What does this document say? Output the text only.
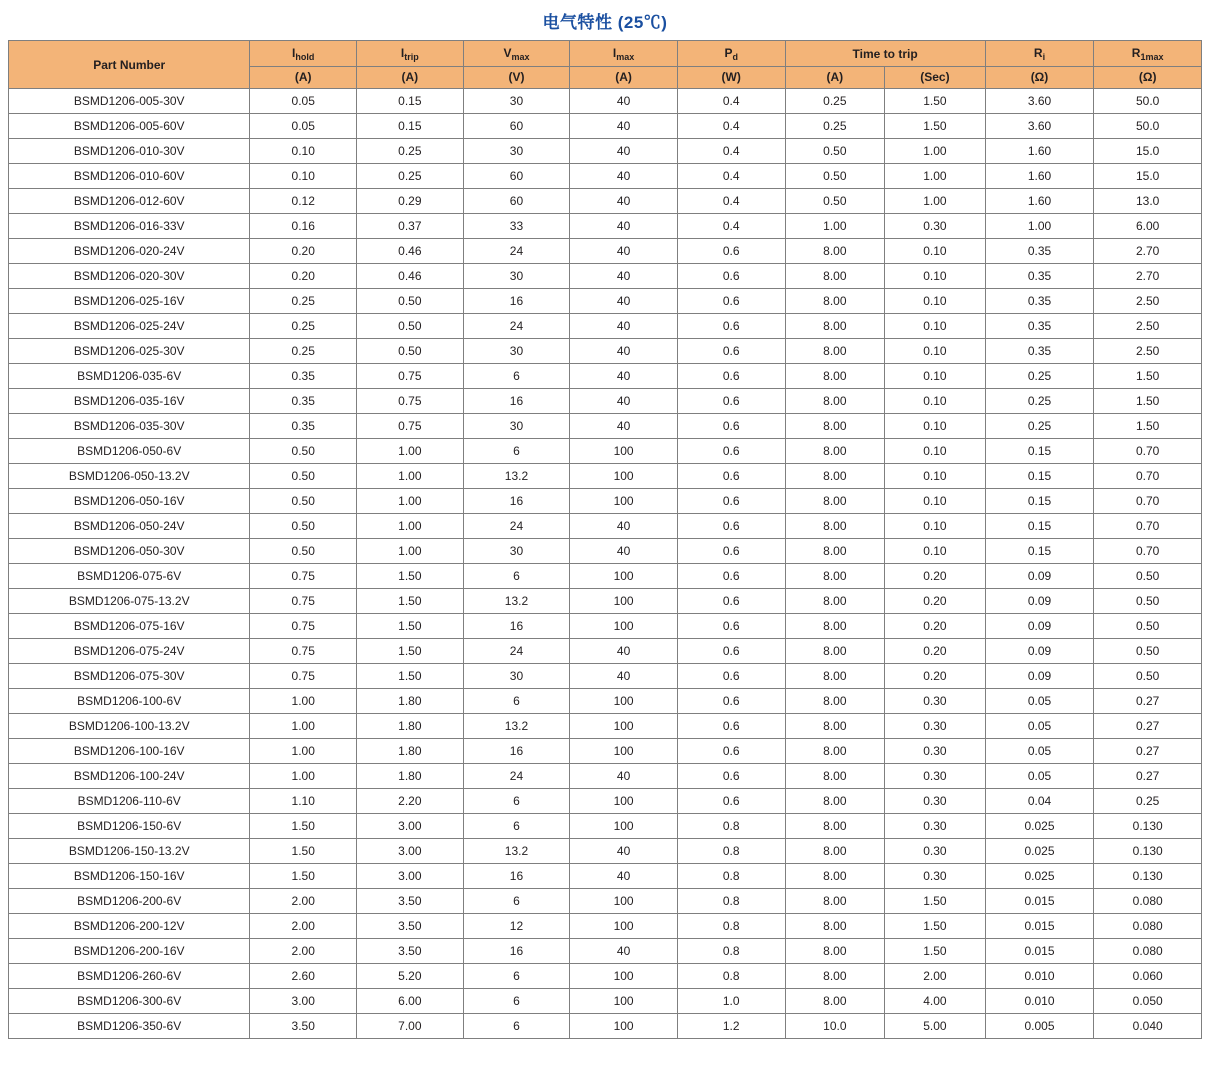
电气特性 (25℃)
Part Number	$I_{hold}$	$I_{trip}$	$V_{max}$	$I_{max}$	$P_d$	Time to trip		$R_i$	$R_{1max}$
	(A)	(A)	(V)	(A)	(W)	(A)	(Sec)	(Ω)	(Ω)
BSMD1206-005-30V	0.05	0.15	30	40	0.4	0.25	1.50	3.60	50.0
BSMD1206-005-60V	0.05	0.15	60	40	0.4	0.25	1.50	3.60	50.0
BSMD1206-010-30V	0.10	0.25	30	40	0.4	0.50	1.00	1.60	15.0
BSMD1206-010-60V	0.10	0.25	60	40	0.4	0.50	1.00	1.60	15.0
BSMD1206-012-60V	0.12	0.29	60	40	0.4	0.50	1.00	1.60	13.0
BSMD1206-016-33V	0.16	0.37	33	40	0.4	1.00	0.30	1.00	6.00
BSMD1206-020-24V	0.20	0.46	24	40	0.6	8.00	0.10	0.35	2.70
BSMD1206-020-30V	0.20	0.46	30	40	0.6	8.00	0.10	0.35	2.70
BSMD1206-025-16V	0.25	0.50	16	40	0.6	8.00	0.10	0.35	2.50
BSMD1206-025-24V	0.25	0.50	24	40	0.6	8.00	0.10	0.35	2.50
BSMD1206-025-30V	0.25	0.50	30	40	0.6	8.00	0.10	0.35	2.50
BSMD1206-035-6V	0.35	0.75	6	40	0.6	8.00	0.10	0.25	1.50
BSMD1206-035-16V	0.35	0.75	16	40	0.6	8.00	0.10	0.25	1.50
BSMD1206-035-30V	0.35	0.75	30	40	0.6	8.00	0.10	0.25	1.50
BSMD1206-050-6V	0.50	1.00	6	100	0.6	8.00	0.10	0.15	0.70
BSMD1206-050-13.2V	0.50	1.00	13.2	100	0.6	8.00	0.10	0.15	0.70
BSMD1206-050-16V	0.50	1.00	16	100	0.6	8.00	0.10	0.15	0.70
BSMD1206-050-24V	0.50	1.00	24	40	0.6	8.00	0.10	0.15	0.70
BSMD1206-050-30V	0.50	1.00	30	40	0.6	8.00	0.10	0.15	0.70
BSMD1206-075-6V	0.75	1.50	6	100	0.6	8.00	0.20	0.09	0.50
BSMD1206-075-13.2V	0.75	1.50	13.2	100	0.6	8.00	0.20	0.09	0.50
BSMD1206-075-16V	0.75	1.50	16	100	0.6	8.00	0.20	0.09	0.50
BSMD1206-075-24V	0.75	1.50	24	40	0.6	8.00	0.20	0.09	0.50
BSMD1206-075-30V	0.75	1.50	30	40	0.6	8.00	0.20	0.09	0.50
BSMD1206-100-6V	1.00	1.80	6	100	0.6	8.00	0.30	0.05	0.27
BSMD1206-100-13.2V	1.00	1.80	13.2	100	0.6	8.00	0.30	0.05	0.27
BSMD1206-100-16V	1.00	1.80	16	100	0.6	8.00	0.30	0.05	0.27
BSMD1206-100-24V	1.00	1.80	24	40	0.6	8.00	0.30	0.05	0.27
BSMD1206-110-6V	1.10	2.20	6	100	0.6	8.00	0.30	0.04	0.25
BSMD1206-150-6V	1.50	3.00	6	100	0.8	8.00	0.30	0.025	0.130
BSMD1206-150-13.2V	1.50	3.00	13.2	40	0.8	8.00	0.30	0.025	0.130
BSMD1206-150-16V	1.50	3.00	16	40	0.8	8.00	0.30	0.025	0.130
BSMD1206-200-6V	2.00	3.50	6	100	0.8	8.00	1.50	0.015	0.080
BSMD1206-200-12V	2.00	3.50	12	100	0.8	8.00	1.50	0.015	0.080
BSMD1206-200-16V	2.00	3.50	16	40	0.8	8.00	1.50	0.015	0.080
BSMD1206-260-6V	2.60	5.20	6	100	0.8	8.00	2.00	0.010	0.060
BSMD1206-300-6V	3.00	6.00	6	100	1.0	8.00	4.00	0.010	0.050
BSMD1206-350-6V	3.50	7.00	6	100	1.2	10.0	5.00	0.005	0.040
